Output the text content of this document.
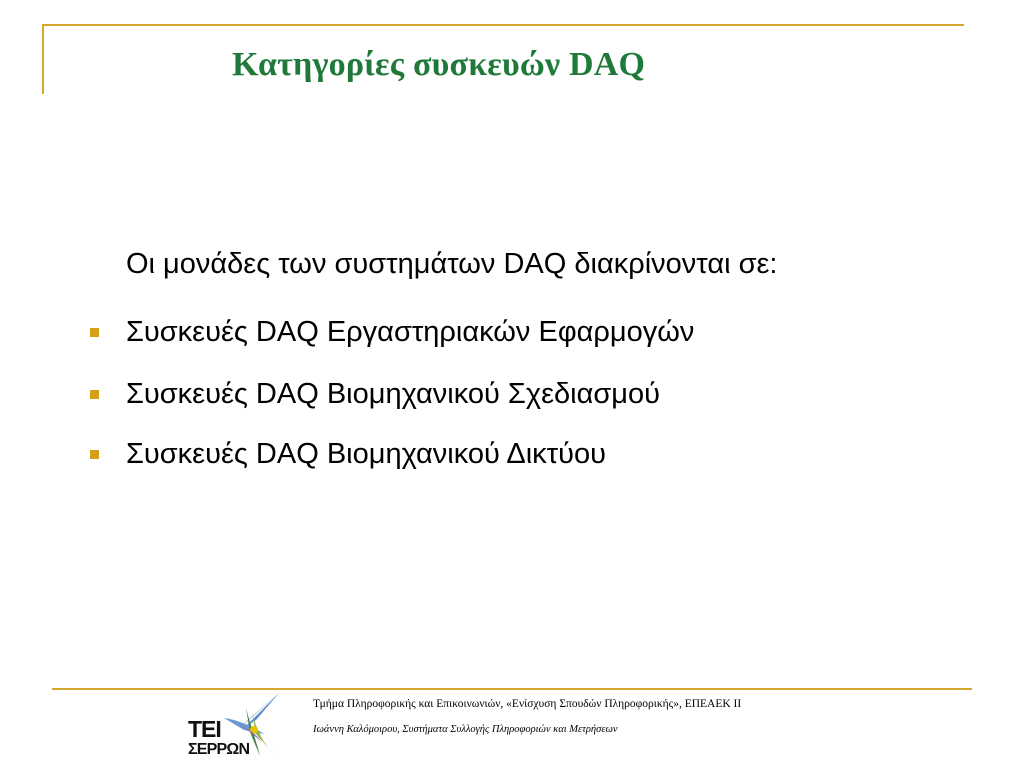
Κατηγορίες συσκευών DAQ
Οι μονάδες των συστημάτων DAQ διακρίνονται σε:
Συσκευές DAQ Εργαστηριακών Εφαρμογών
Συσκευές DAQ Βιομηχανικού Σχεδιασμού
Συσκευές DAQ Βιομηχανικού Δικτύου
ΤΕΙ
ΣΕΡΡΩΝ
Τμήμα Πληροφορικής και Επικοινωνιών, «Ενίσχυση Σπουδών Πληροφορικής», ΕΠΕΑΕΚ ΙΙ
Ιωάννη Καλόμοιρου, Συστήματα Συλλογής Πληροφοριών και Μετρήσεων
